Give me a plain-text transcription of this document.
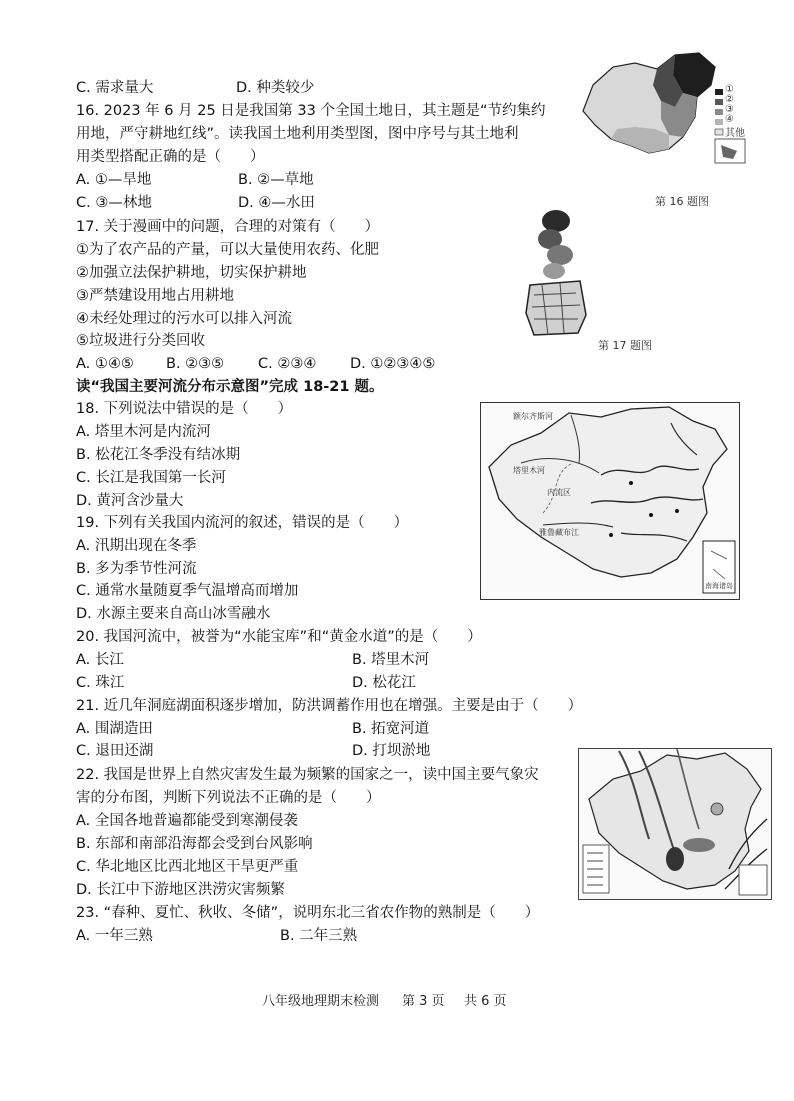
C. 需求量大	D. 种类较少
16. 2023 年 6 月 25 日是我国第 33 个全国土地日，其主题是“节约集约
用地，严守耕地红线”。读我国土地利用类型图，图中序号与其土地利
用类型搭配正确的是（　　）
A. ①—旱地	B. ②—草地
C. ③—林地	D. ④—水田
①
②
③
④
其他
第 16 题图
17. 关于漫画中的问题，合理的对策有（　　）
①为了农产品的产量，可以大量使用农药、化肥
②加强立法保护耕地，切实保护耕地
③严禁建设用地占用耕地
④未经处理过的污水可以排入河流
⑤垃圾进行分类回收
A. ①④⑤ B. ②③⑤ C. ②③④ D. ①②③④⑤
第 17 题图
读“我国主要河流分布示意图”完成 18-21 题。
额尔齐斯河
塔里木河
内流区
雅鲁藏布江
南海诸岛
18. 下列说法中错误的是（　　）
A. 塔里木河是内流河
B. 松花江冬季没有结冰期
C. 长江是我国第一长河
D. 黄河含沙量大
19. 下列有关我国内流河的叙述，错误的是（　　）
A. 汛期出现在冬季
B. 多为季节性河流
C. 通常水量随夏季气温增高而增加
D. 水源主要来自高山冰雪融水
20. 我国河流中，被誉为“水能宝库”和“黄金水道”的是（　　）
A. 长江	B. 塔里木河
C. 珠江	D. 松花江
21. 近几年洞庭湖面积逐步增加，防洪调蓄作用也在增强。主要是由于（　　）
A. 围湖造田	B. 拓宽河道
C. 退田还湖	D. 打坝淤地
22. 我国是世界上自然灾害发生最为频繁的国家之一，读中国主要气象灾
害的分布图，判断下列说法不正确的是（　　）
A. 全国各地普遍都能受到寒潮侵袭
B. 东部和南部沿海都会受到台风影响
C. 华北地区比西北地区干旱更严重
D. 长江中下游地区洪涝灾害频繁
23. “春种、夏忙、秋收、冬储”，说明东北三省农作物的熟制是（　　）
A. 一年三熟	B. 二年三熟
八年级地理期末检测 第 3 页 共 6 页
